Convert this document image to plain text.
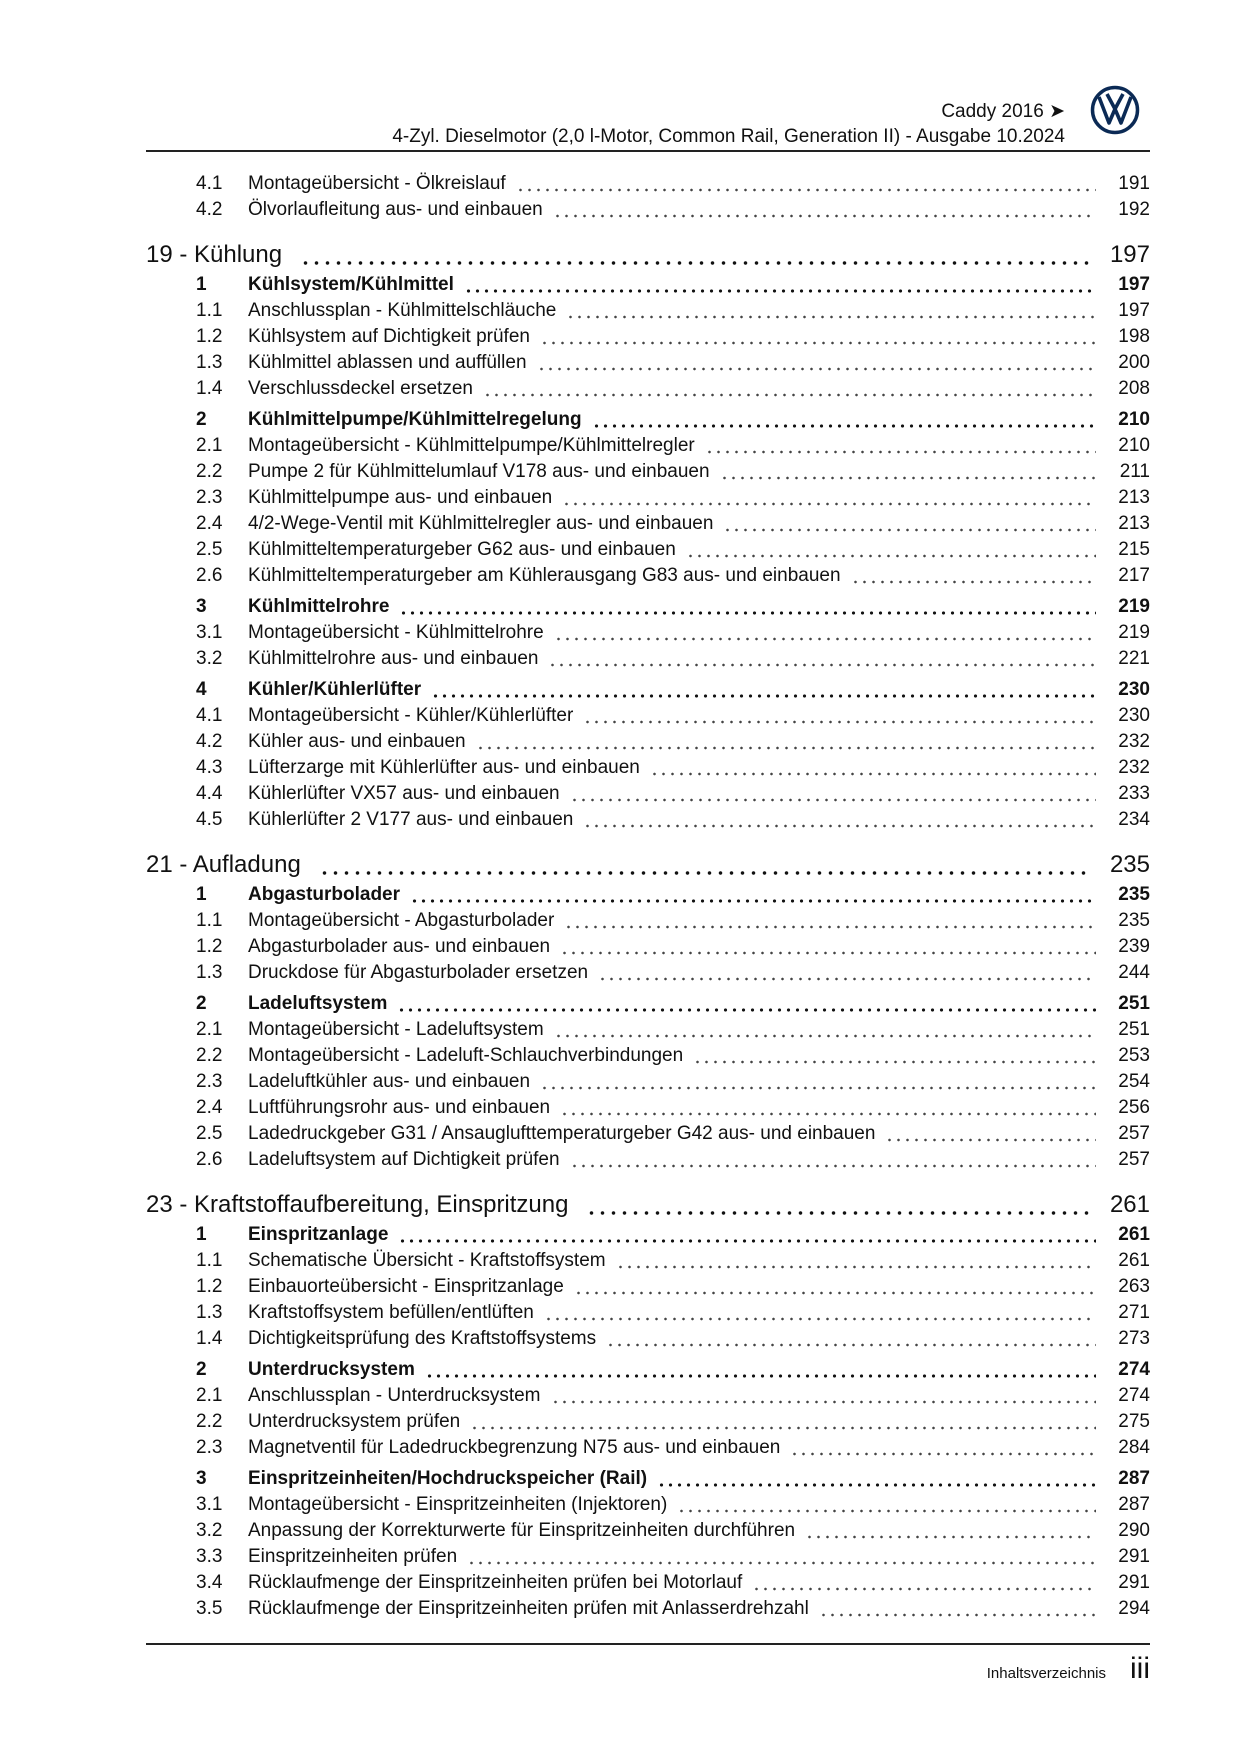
Caddy 2016 ➤
4-Zyl. Dieselmotor (2,0 l-Motor, Common Rail, Generation II) - Ausgabe 10.2024
4.1	Montageübersicht - Ölkreislauf	191
4.2	Ölvorlaufleitung aus- und einbauen	192
19 - Kühlung	197
1	Kühlsystem/Kühlmittel	197
1.1	Anschlussplan - Kühlmittelschläuche	197
1.2	Kühlsystem auf Dichtigkeit prüfen	198
1.3	Kühlmittel ablassen und auffüllen	200
1.4	Verschlussdeckel ersetzen	208
2	Kühlmittelpumpe/Kühlmittelregelung	210
2.1	Montageübersicht - Kühlmittelpumpe/Kühlmittelregler	210
2.2	Pumpe 2 für Kühlmittelumlauf V178 aus- und einbauen	211
2.3	Kühlmittelpumpe aus- und einbauen	213
2.4	4/2-Wege-Ventil mit Kühlmittelregler aus- und einbauen	213
2.5	Kühlmitteltemperaturgeber G62 aus- und einbauen	215
2.6	Kühlmitteltemperaturgeber am Kühlerausgang G83 aus- und einbauen	217
3	Kühlmittelrohre	219
3.1	Montageübersicht - Kühlmittelrohre	219
3.2	Kühlmittelrohre aus- und einbauen	221
4	Kühler/Kühlerlüfter	230
4.1	Montageübersicht - Kühler/Kühlerlüfter	230
4.2	Kühler aus- und einbauen	232
4.3	Lüfterzarge mit Kühlerlüfter aus- und einbauen	232
4.4	Kühlerlüfter VX57 aus- und einbauen	233
4.5	Kühlerlüfter 2 V177 aus- und einbauen	234
21 - Aufladung	235
1	Abgasturbolader	235
1.1	Montageübersicht - Abgasturbolader	235
1.2	Abgasturbolader aus- und einbauen	239
1.3	Druckdose für Abgasturbolader ersetzen	244
2	Ladeluftsystem	251
2.1	Montageübersicht - Ladeluftsystem	251
2.2	Montageübersicht - Ladeluft-Schlauchverbindungen	253
2.3	Ladeluftkühler aus- und einbauen	254
2.4	Luftführungsrohr aus- und einbauen	256
2.5	Ladedruckgeber G31 / Ansauglufttemperaturgeber G42 aus- und einbauen	257
2.6	Ladeluftsystem auf Dichtigkeit prüfen	257
23 - Kraftstoffaufbereitung, Einspritzung	261
1	Einspritzanlage	261
1.1	Schematische Übersicht - Kraftstoffsystem	261
1.2	Einbauorteübersicht - Einspritzanlage	263
1.3	Kraftstoffsystem befüllen/entlüften	271
1.4	Dichtigkeitsprüfung des Kraftstoffsystems	273
2	Unterdrucksystem	274
2.1	Anschlussplan - Unterdrucksystem	274
2.2	Unterdrucksystem prüfen	275
2.3	Magnetventil für Ladedruckbegrenzung N75 aus- und einbauen	284
3	Einspritzeinheiten/Hochdruckspeicher (Rail)	287
3.1	Montageübersicht - Einspritzeinheiten (Injektoren)	287
3.2	Anpassung der Korrekturwerte für Einspritzeinheiten durchführen	290
3.3	Einspritzeinheiten prüfen	291
3.4	Rücklaufmenge der Einspritzeinheiten prüfen bei Motorlauf	291
3.5	Rücklaufmenge der Einspritzeinheiten prüfen mit Anlasserdrehzahl	294
Inhaltsverzeichnis iii
